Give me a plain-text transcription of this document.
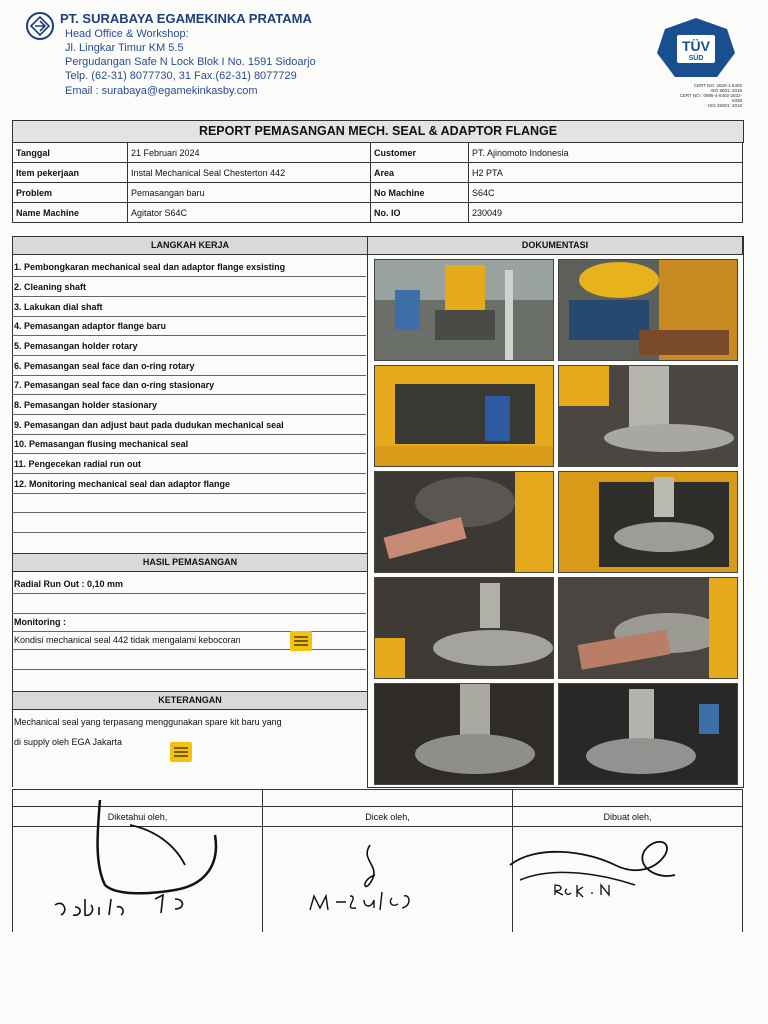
PT. SURABAYA EGAMEKINKA PRATAMA
Head Office & Workshop:
Jl. Lingkar Timur KM 5.5
Pergudangan Safe N Lock Blok I No. 1591 Sidoarjo
Telp. (62-31) 8077730, 31 Fax.(62-31) 8077729
Email : surabaya@egamekinkasby.com
TÜV
SÜD
CERT NO. 2820-1-6402
ISO 9001: 2015
CERT NO.: 0995-4-6402-2022-6338
ISO 45001: 2018
REPORT PEMASANGAN MECH. SEAL & ADAPTOR FLANGE
Tanggal	21 Februari 2024	Customer	PT. Ajinomoto Indonesia
Item pekerjaan	Instal Mechanical Seal Chesterton 442	Area	H2 PTA
Problem	Pemasangan baru	No Machine	S64C
Name Machine	Agitator S64C	No. IO	230049
LANGKAH KERJA	DOKUMENTASI
1. Pembongkaran mechanical seal dan adaptor flange exsisting
2. Cleaning shaft
3. Lakukan dial shaft
4. Pemasangan adaptor flange baru
5. Pemasangan holder rotary
6. Pemasangan seal face dan o-ring rotary
7. Pemasangan seal face dan o-ring stasionary
8. Pemasangan holder stasionary
9. Pemasangan dan adjust baut pada dudukan mechanical seal
10. Pemasangan flusing mechanical seal
11. Pengecekan radial run out
12. Monitoring mechanical seal dan adaptor flange
HASIL PEMASANGAN
Radial Run Out : 0,10 mm
Monitoring :
Kondisi mechanical seal 442 tidak mengalami kebocoran
KETERANGAN
Mechanical seal yang terpasang menggunakan spare kit baru yang
di supply oleh EGA Jakarta

Diketahui oleh,	Dicek oleh,	Dibuat oleh,
